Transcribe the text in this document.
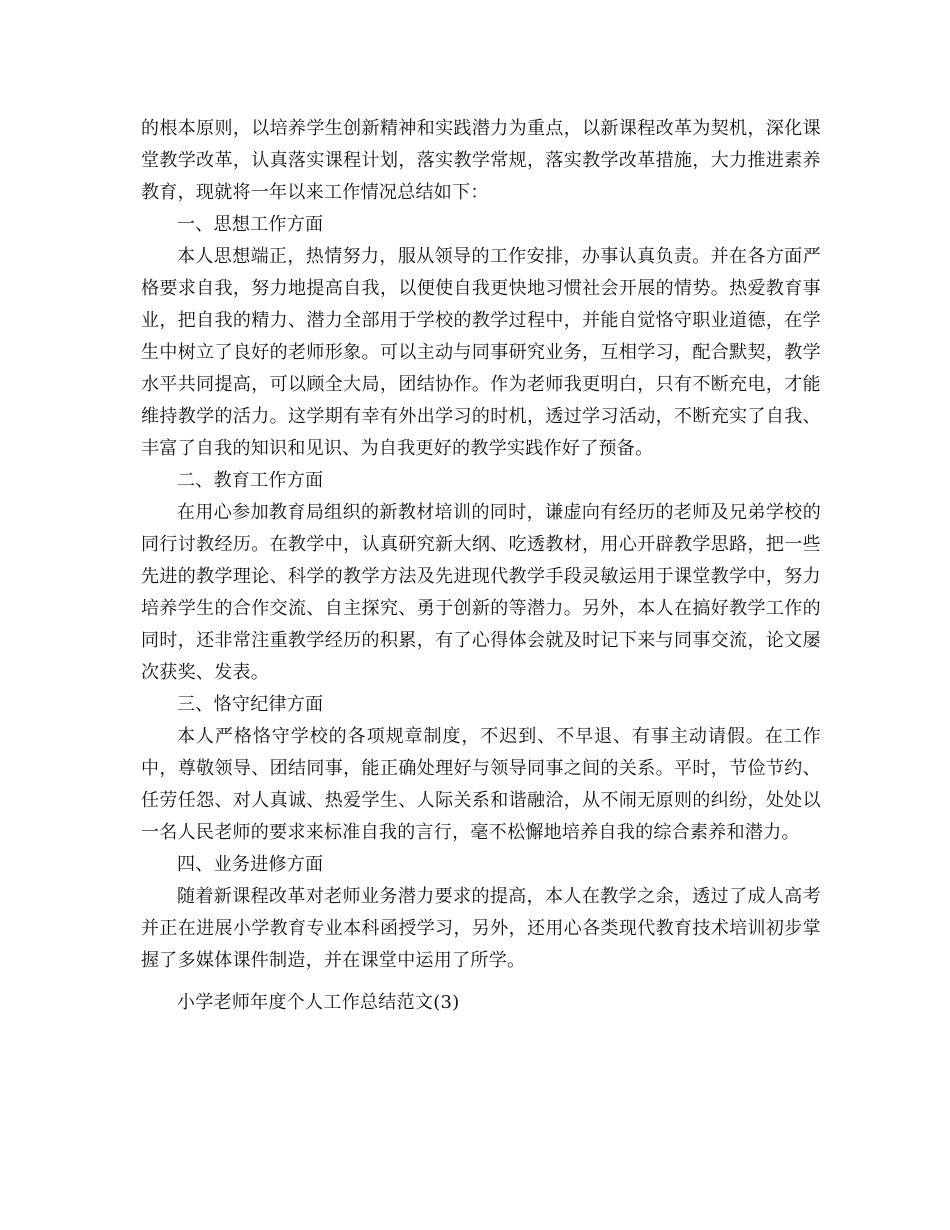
的根本原则，以培养学生创新精神和实践潜力为重点，以新课程改革为契机，深化课堂教学改革，认真落实课程计划，落实教学常规，落实教学改革措施，大力推进素养教育，现就将一年以来工作情况总结如下：

一、思想工作方面

本人思想端正，热情努力，服从领导的工作安排，办事认真负责。并在各方面严格要求自我，努力地提高自我，以便使自我更快地习惯社会开展的情势。热爱教育事业，把自我的精力、潜力全部用于学校的教学过程中，并能自觉恪守职业道德，在学生中树立了良好的老师形象。可以主动与同事研究业务，互相学习，配合默契，教学水平共同提高，可以顾全大局，团结协作。作为老师我更明白，只有不断充电，才能维持教学的活力。这学期有幸有外出学习的时机，透过学习活动，不断充实了自我、丰富了自我的知识和见识、为自我更好的教学实践作好了预备。

二、教育工作方面

在用心参加教育局组织的新教材培训的同时，谦虚向有经历的老师及兄弟学校的同行讨教经历。在教学中，认真研究新大纲、吃透教材，用心开辟教学思路，把一些先进的教学理论、科学的教学方法及先进现代教学手段灵敏运用于课堂教学中，努力培养学生的合作交流、自主探究、勇于创新的等潜力。另外，本人在搞好教学工作的同时，还非常注重教学经历的积累，有了心得体会就及时记下来与同事交流，论文屡次获奖、发表。

三、恪守纪律方面

本人严格恪守学校的各项规章制度，不迟到、不早退、有事主动请假。在工作中，尊敬领导、团结同事，能正确处理好与领导同事之间的关系。平时，节俭节约、任劳任怨、对人真诚、热爱学生、人际关系和谐融洽，从不闹无原则的纠纷，处处以一名人民老师的要求来标准自我的言行，毫不松懈地培养自我的综合素养和潜力。

四、业务进修方面

随着新课程改革对老师业务潜力要求的提高，本人在教学之余，透过了成人高考并正在进展小学教育专业本科函授学习，另外，还用心各类现代教育技术培训初步掌握了多媒体课件制造，并在课堂中运用了所学。

小学老师年度个人工作总结范文(3)
